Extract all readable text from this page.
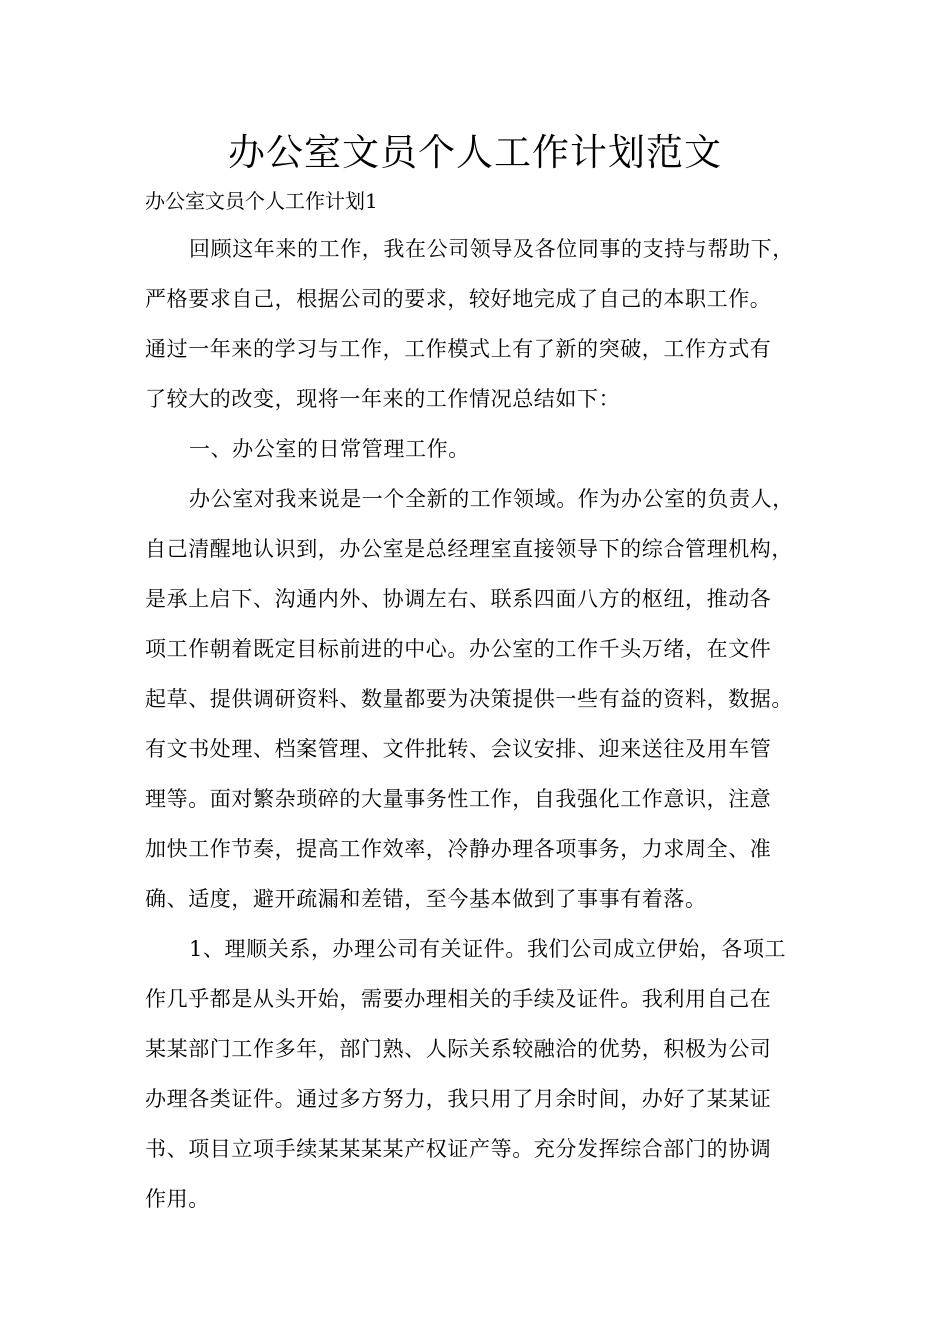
办公室文员个人工作计划范文

办公室文员个人工作计划1

回顾这年来的工作，我在公司领导及各位同事的支持与帮助下，

严格要求自己，根据公司的要求，较好地完成了自己的本职工作。

通过一年来的学习与工作，工作模式上有了新的突破，工作方式有

了较大的改变，现将一年来的工作情况总结如下：

一、办公室的日常管理工作。

办公室对我来说是一个全新的工作领域。作为办公室的负责人，

自己清醒地认识到，办公室是总经理室直接领导下的综合管理机构，

是承上启下、沟通内外、协调左右、联系四面八方的枢纽，推动各

项工作朝着既定目标前进的中心。办公室的工作千头万绪，在文件

起草、提供调研资料、数量都要为决策提供一些有益的资料，数据。

有文书处理、档案管理、文件批转、会议安排、迎来送往及用车管

理等。面对繁杂琐碎的大量事务性工作，自我强化工作意识，注意

加快工作节奏，提高工作效率，冷静办理各项事务，力求周全、准

确、适度，避开疏漏和差错，至今基本做到了事事有着落。

1、理顺关系，办理公司有关证件。我们公司成立伊始，各项工

作几乎都是从头开始，需要办理相关的手续及证件。我利用自己在

某某部门工作多年，部门熟、人际关系较融洽的优势，积极为公司

办理各类证件。通过多方努力，我只用了月余时间，办好了某某证

书、项目立项手续某某某某产权证产等。充分发挥综合部门的协调

作用。
